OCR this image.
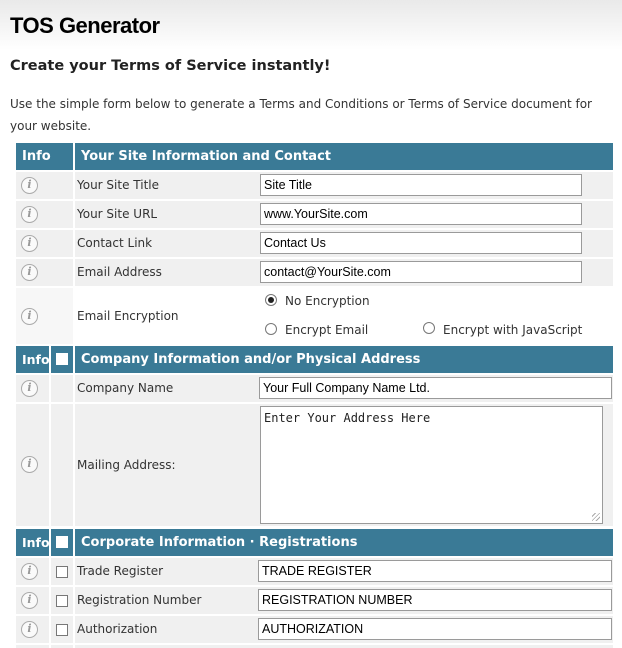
TOS Generator
Create your Terms of Service instantly!

Use the simple form below to generate a Terms and Conditions or Terms of Service document for your website.

Info	Your Site Information and Contact
i	Your Site Title	Site Title
i	Your Site URL	www.YourSite.com
i	Contact Link	Contact Us
i	Email Address	contact@YourSite.com
i	Email Encryption
No Encryption
Encrypt Email	Encrypt with JavaScript
Info	Company Information and/or Physical Address
i	Company Name	Your Full Company Name Ltd.
i	Mailing Address:
Enter Your Address Here
Info	Corporate Information · Registrations
i	Trade Register	TRADE REGISTER
i	Registration Number	REGISTRATION NUMBER
i	Authorization	AUTHORIZATION
